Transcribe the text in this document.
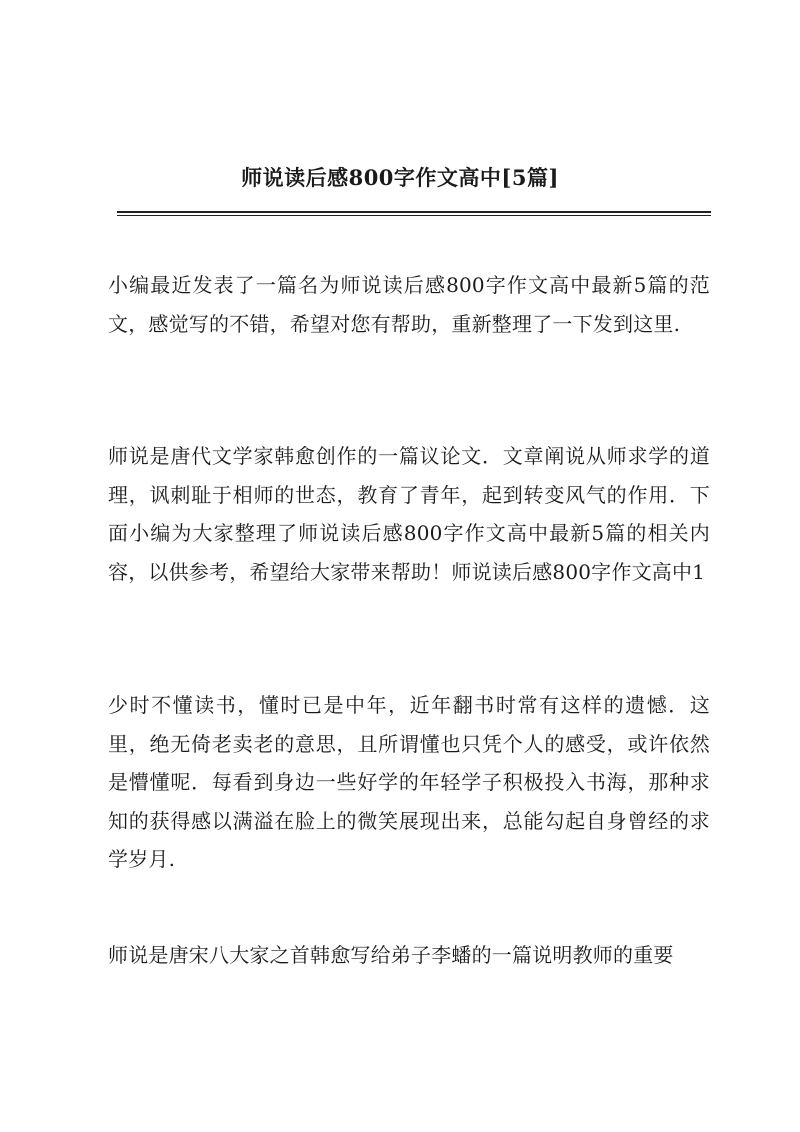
师说读后感800字作文高中[5篇]

小编最近发表了一篇名为师说读后感800字作文高中最新5篇的范文，感觉写的不错，希望对您有帮助，重新整理了一下发到这里.

师说是唐代文学家韩愈创作的一篇议论文．文章阐说从师求学的道理，讽刺耻于相师的世态，教育了青年，起到转变风气的作用．下面小编为大家整理了师说读后感800字作文高中最新5篇的相关内容，以供参考，希望给大家带来帮助！师说读后感800字作文高中1

少时不懂读书，懂时已是中年，近年翻书时常有这样的遗憾．这里，绝无倚老卖老的意思，且所谓懂也只凭个人的感受，或许依然是懵懂呢．每看到身边一些好学的年轻学子积极投入书海，那种求知的获得感以满溢在脸上的微笑展现出来，总能勾起自身曾经的求学岁月.

师说是唐宋八大家之首韩愈写给弟子李蟠的一篇说明教师的重要
